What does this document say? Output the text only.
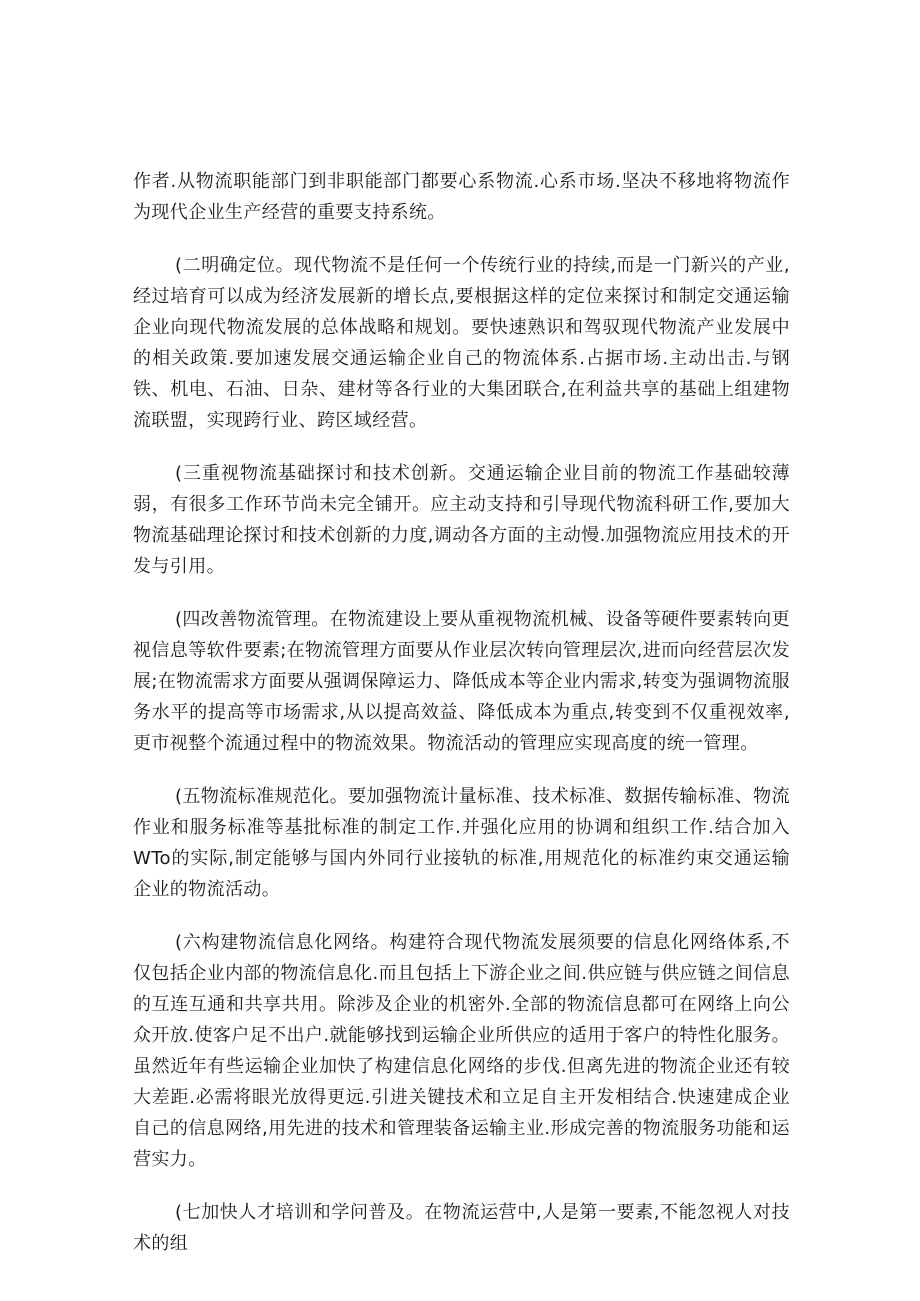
作者.从物流职能部门到非职能部门都要心系物流.心系市场.坚决不移地将物流作为现代企业生产经营的重要支持系统。

(二明确定位。现代物流不是任何一个传统行业的持续,而是一门新兴的产业,经过培育可以成为经济发展新的增长点,要根据这样的定位来探讨和制定交通运输企业向现代物流发展的总体战略和规划。要快速熟识和驾驭现代物流产业发展中的相关政策.要加速发展交通运输企业自己的物流体系.占据市场.主动出击.与钢铁、机电、石油、日杂、建材等各行业的大集团联合,在利益共享的基础上组建物流联盟，实现跨行业、跨区域经营。

(三重视物流基础探讨和技术创新。交通运输企业目前的物流工作基础较薄弱，有很多工作环节尚未完全铺开。应主动支持和引导现代物流科研工作,要加大物流基础理论探讨和技术创新的力度,调动各方面的主动慢.加强物流应用技术的开发与引用。

(四改善物流管理。在物流建设上要从重视物流机械、设备等硬件要素转向更视信息等软件要素;在物流管理方面要从作业层次转向管理层次,进而向经营层次发展;在物流需求方面要从强调保障运力、降低成本等企业内需求,转变为强调物流服务水平的提高等市场需求,从以提高效益、降低成本为重点,转变到不仅重视效率,更市视整个流通过程中的物流效果。物流活动的管理应实现高度的统一管理。

(五物流标准规范化。要加强物流计量标准、技术标准、数据传输标准、物流作业和服务标准等基批标准的制定工作.并强化应用的协调和组织工作.结合加入WTo的实际,制定能够与国内外同行业接轨的标准,用规范化的标准约束交通运输企业的物流活动。

(六构建物流信息化网络。构建符合现代物流发展须要的信息化网络体系,不仅包括企业内部的物流信息化.而且包括上下游企业之间.供应链与供应链之间信息的互连互通和共享共用。除涉及企业的机密外.全部的物流信息都可在网络上向公众开放.使客户足不出户.就能够找到运输企业所供应的适用于客户的特性化服务。虽然近年有些运输企业加快了构建信息化网络的步伐.但离先进的物流企业还有较大差距.必需将眼光放得更远.引进关键技术和立足自主开发相结合.快速建成企业自己的信息网络,用先进的技术和管理装备运输主业.形成完善的物流服务功能和运营实力。

(七加快人才培训和学问普及。在物流运营中,人是第一要素,不能忽视人对技术的组
